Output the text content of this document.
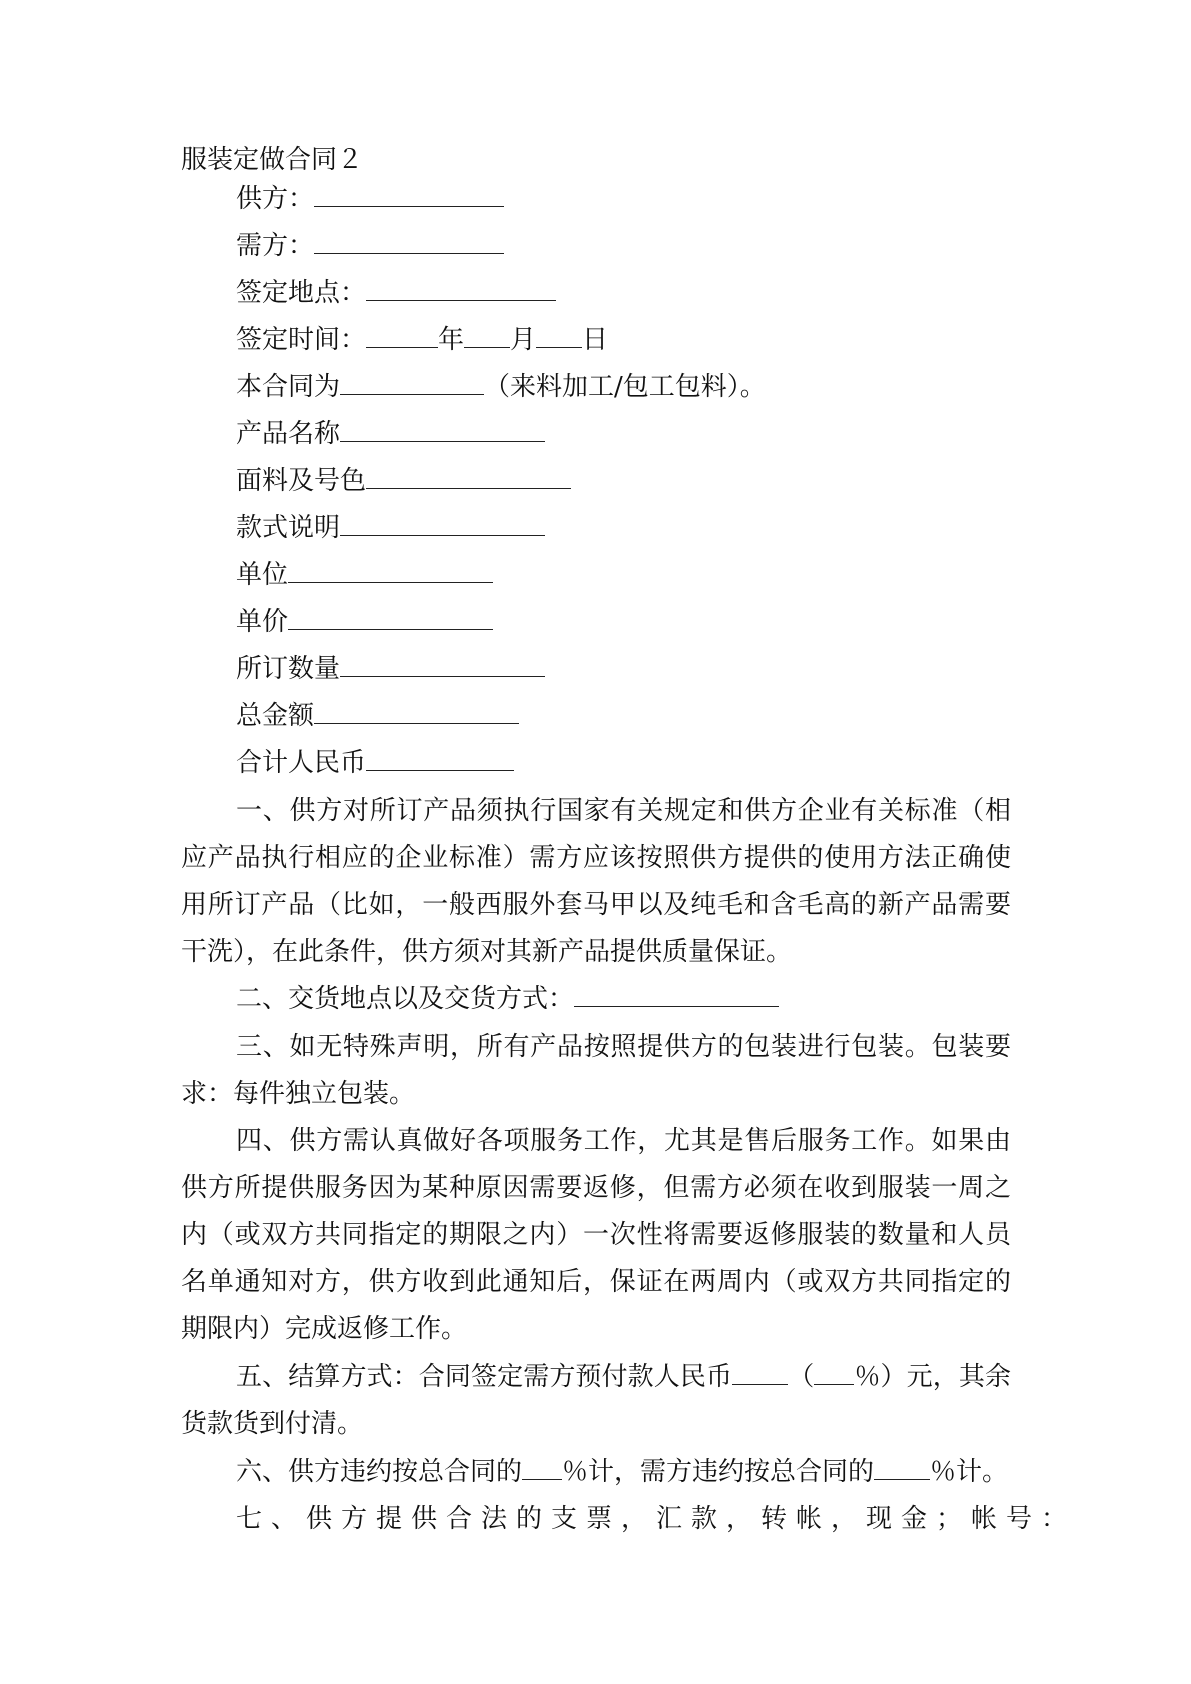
服装定做合同２
供方：
需方：
签定地点：
签定时间：	年 月 日
本合同为	（来料加工/包工包料）。
产品名称
面料及号色
款式说明
单位
单价
所订数量
总金额
合计人民币

一、供方对所订产品须执行国家有关规定和供方企业有关标准（相应产品执行相应的企业标准）需方应该按照供方提供的使用方法正确使用所订产品（比如，一般西服外套马甲以及纯毛和含毛高的新产品需要干洗），在此条件，供方须对其新产品提供质量保证。

二、交货地点以及交货方式：

三、如无特殊声明，所有产品按照提供方的包装进行包装。包装要求：每件独立包装。

四、供方需认真做好各项服务工作，尤其是售后服务工作。如果由供方所提供服务因为某种原因需要返修，但需方必须在收到服装一周之内（或双方共同指定的期限之内）一次性将需要返修服装的数量和人员名单通知对方，供方收到此通知后，保证在两周内（或双方共同指定的期限内）完成返修工作。

五、结算方式：合同签定需方预付款人民币 （ ％）元，其余货款货到付清。

六、供方违约按总合同的 ％计，需方违约按总合同的 ％计。
七、供方提供合法的支票，汇款，转帐，现金；帐号：
